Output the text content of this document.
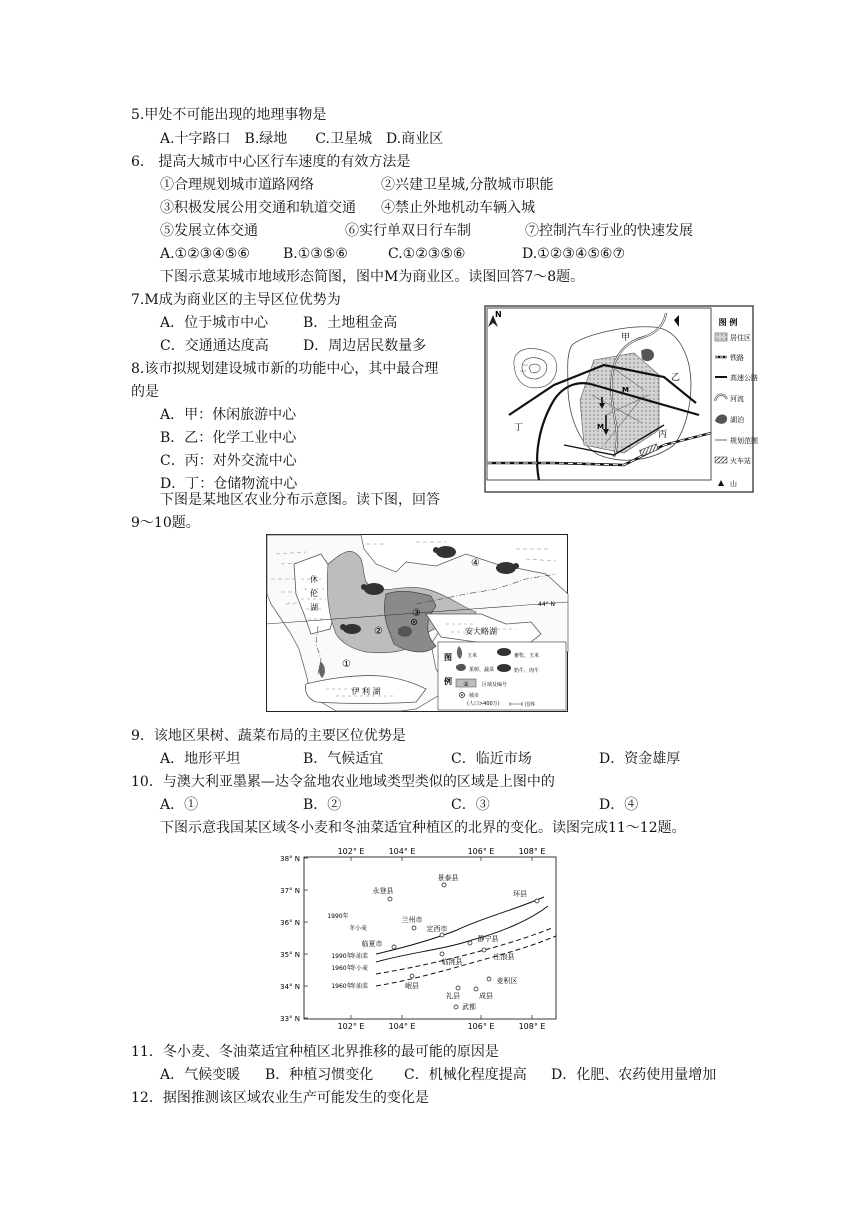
5.甲处不可能出现的地理事物是
A.十字路口　B.绿地　　C.卫星城　D.商业区
6.　提高大城市中心区行车速度的有效方法是
①合理规划城市道路网络	②兴建卫星城,分散城市职能
③积极发展公用交通和轨道交通 ④禁止外地机动车辆入城
⑤发展立体交通	⑥实行单双日行车制	⑦控制汽车行业的快速发展
A.①②③④⑤⑥ B.①③⑤⑥	C.①②③⑤⑥	D.①②③④⑤⑥⑦
下图示意某城市地域形态简图，图中M为商业区。读图回答7～8题。
7.M成为商业区的主导区位优势为
A．位于城市中心 B．土地租金高
C．交通通达度高 D．周边居民数量多
8.该市拟规划建设城市新的功能中心，其中最合理
的是
A．甲：休闲旅游中心
B．乙：化学工业中心
C．丙：对外交流中心
D．丁：仓储物流中心
N
甲
乙
丙
丁
M
M
图 例
居住区
铁路
高速公路
河流
湖泊
规划范围
火车站
山
下图是某地区农业分布示意图。读下图，回答
9～10题。
休伦湖
安大略湖
伊 利 湖
44° N
①
②
③
④
图
例
玉米	畜牧、玉米
果树、蔬菜	奶牛、肉牛
②	区域及编号
城市
(人口>400万)	国界
9．该地区果树、蔬菜布局的主要区位优势是
A．地形平坦	B．气候适宜	C．临近市场	D．资金雄厚
10．与澳大利亚墨累—达令盆地农业地域类型类似的区域是上图中的
A．①	B．②	C．③	D．④
下图示意我国某区域冬小麦和冬油菜适宜种植区的北界的变化。读图完成11～12题。
102° E	104° E	106° E	108° E
102° E	104° E	106° E	108° E
38° N
37° N
36° N
35° N
34° N
33° N
1990年
冬小麦
1990年
冬油菜
1960年
冬小麦
1960年
冬油菜
景泰县
永登县	环县
兰州市
定西市
临夏市
静宁县
庄浪县
临洮县
岷县
麦积区
礼县	成县
武都
11．冬小麦、冬油菜适宜种植区北界推移的最可能的原因是
A．气候变暖 B．种植习惯变化 C．机械化程度提高 D．化肥、农药使用量增加
12．据图推测该区域农业生产可能发生的变化是
